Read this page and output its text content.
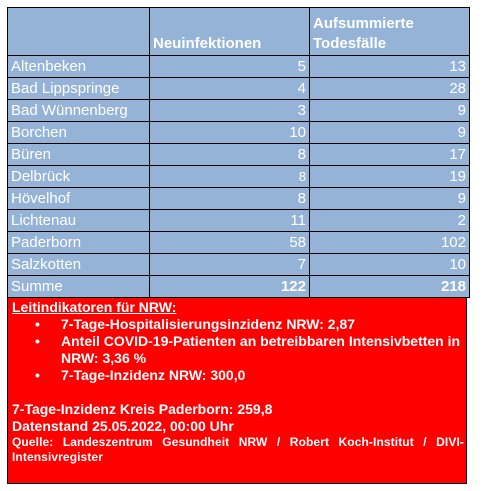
	Neuinfektionen	Aufsummierte Todesfälle
Altenbeken	5	13
Bad Lippspringe	4	28
Bad Wünnenberg	3	9
Borchen	10	9
Büren	8	17
Delbrück	8	19
Hövelhof	8	9
Lichtenau	11	2
Paderborn	58	102
Salzkotten	7	10
Summe	122	218
Leitindikatoren für NRW:
• 7-Tage-Hospitalisierungsinzidenz NRW: 2,87
• Anteil COVID-19-Patienten an betreibbaren Intensivbetten in NRW: 3,36 %
• 7-Tage-Inzidenz NRW: 300,0
7-Tage-Inzidenz Kreis Paderborn: 259,8
Datenstand 25.05.2022, 00:00 Uhr
Quelle: Landeszentrum Gesundheit NRW / Robert Koch-Institut / DIVI-Intensivregister
